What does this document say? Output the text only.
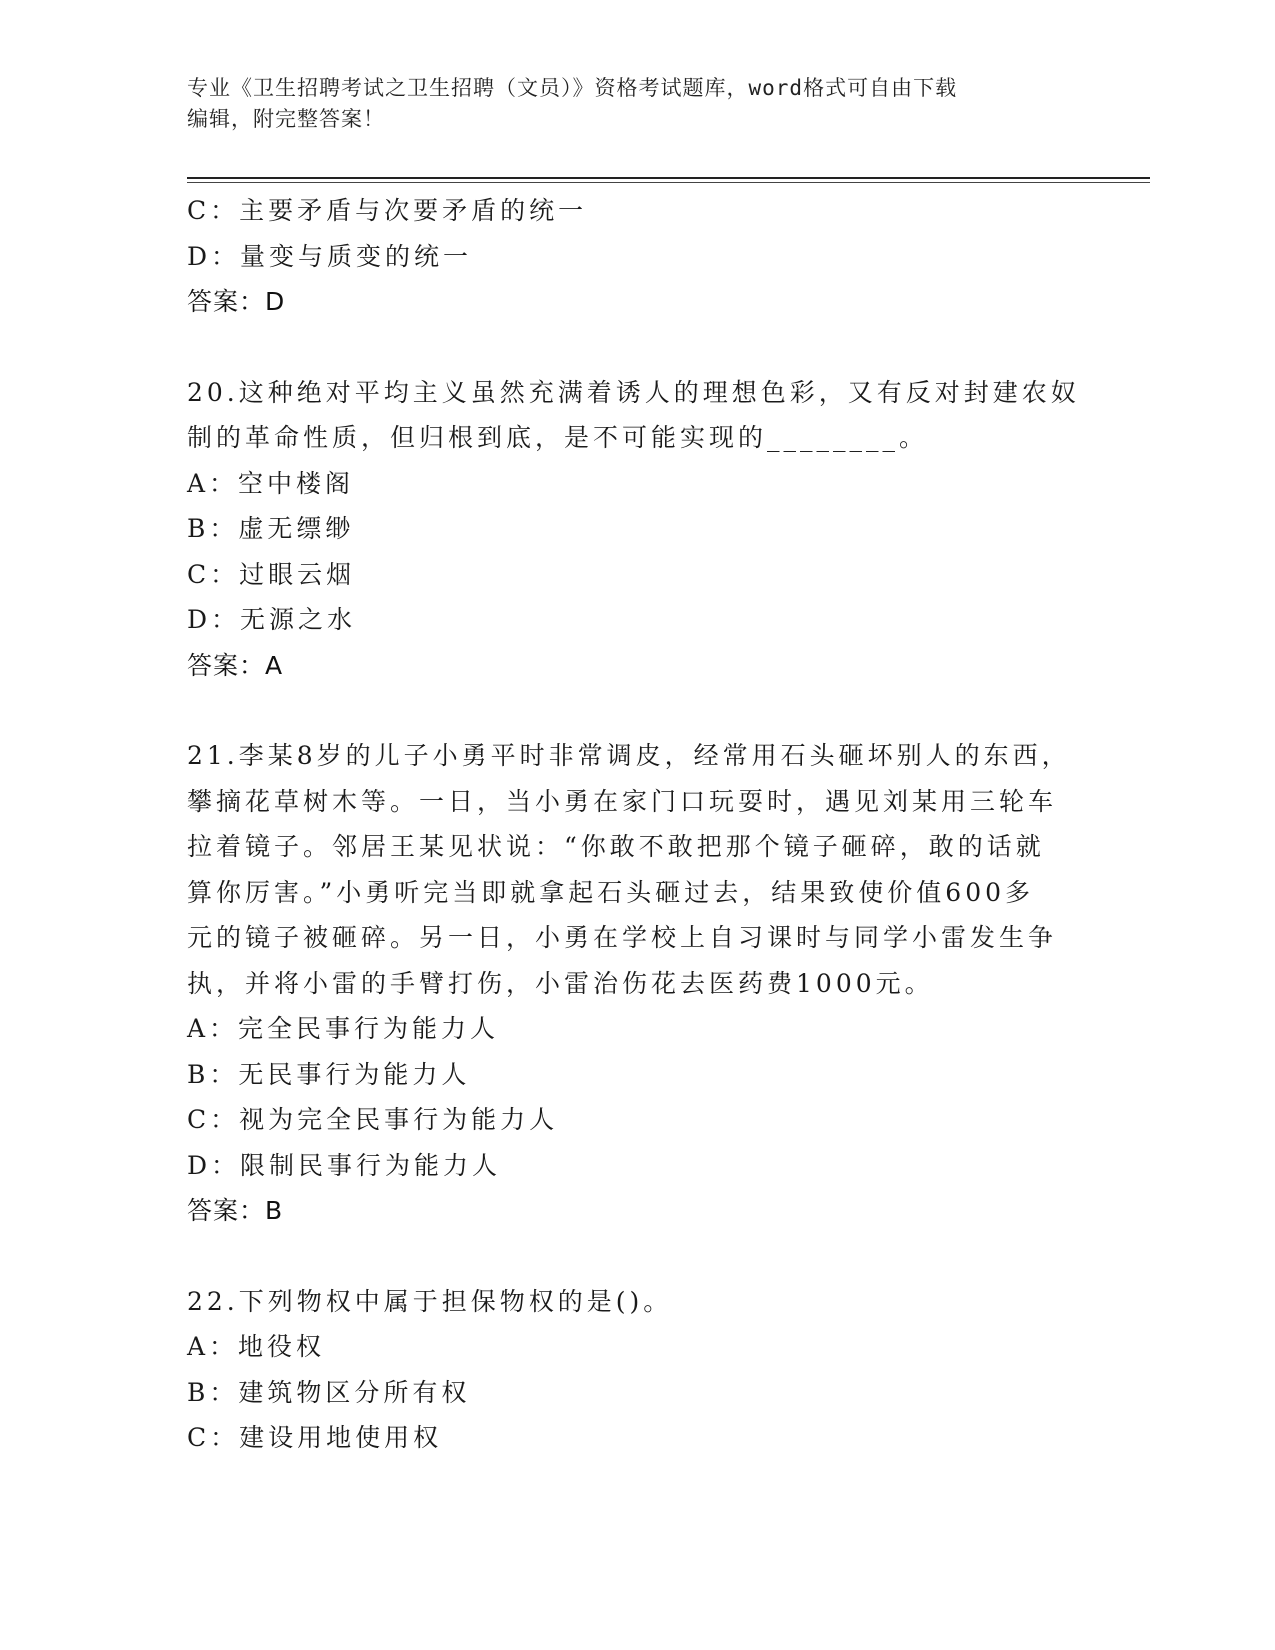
专业《卫生招聘考试之卫生招聘（文员）》资格考试题库，word格式可自由下载
编辑，附完整答案！
C：主要矛盾与次要矛盾的统一
D：量变与质变的统一
答案：D
20.这种绝对平均主义虽然充满着诱人的理想色彩，又有反对封建农奴
制的革命性质，但归根到底，是不可能实现的________。
A：空中楼阁
B：虚无缥缈
C：过眼云烟
D：无源之水
答案：A
21.李某8岁的儿子小勇平时非常调皮，经常用石头砸坏别人的东西，
攀摘花草树木等。一日，当小勇在家门口玩耍时，遇见刘某用三轮车
拉着镜子。邻居王某见状说：“你敢不敢把那个镜子砸碎，敢的话就
算你厉害。”小勇听完当即就拿起石头砸过去，结果致使价值600多
元的镜子被砸碎。另一日，小勇在学校上自习课时与同学小雷发生争
执，并将小雷的手臂打伤，小雷治伤花去医药费1000元。
A：完全民事行为能力人
B：无民事行为能力人
C：视为完全民事行为能力人
D：限制民事行为能力人
答案：B
22.下列物权中属于担保物权的是()。
A：地役权
B：建筑物区分所有权
C：建设用地使用权
